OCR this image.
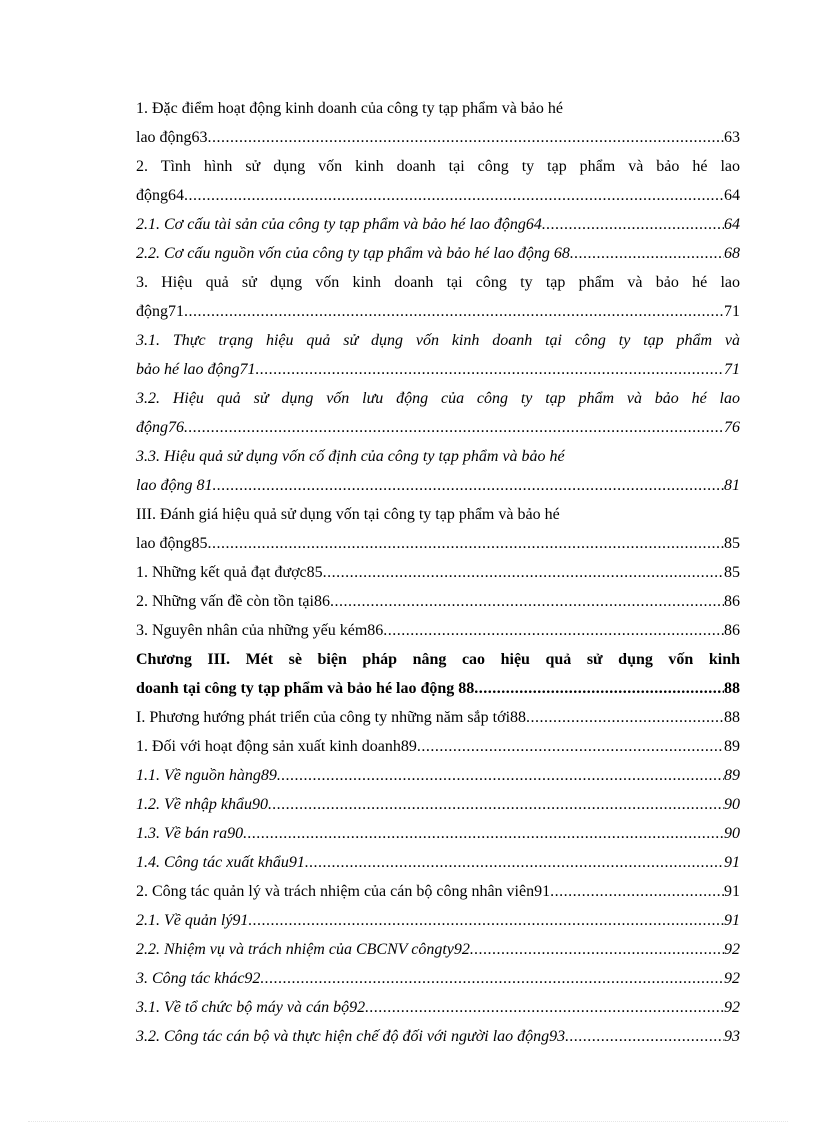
1. Đặc điểm hoạt động kinh doanh của công ty tạp phẩm và bảo hé
lao động63 .....	63
2. Tình hình sử dụng vốn kinh doanh tại công ty tạp phẩm và bảo hé lao
động64 .....	64
2.1. Cơ cấu tài sản của công ty tạp phẩm và bảo hé lao động64 .....	64
2.2. Cơ cấu nguồn vốn của công ty tạp phẩm và bảo hé lao động 68 .....	68
3. Hiệu quả sử dụng vốn kinh doanh tại công ty tạp phẩm và bảo hé lao
động71 .....	71
3.1. Thực trạng hiệu quả sử dụng vốn kinh doanh tại công ty tạp phẩm và
bảo hé lao động71 .....	71
3.2. Hiệu quả sử dụng vốn lưu động của công ty tạp phẩm và bảo hé lao
động76 .....	76
3.3. Hiệu quả sử dụng vốn cố định của công ty tạp phẩm và bảo hé
lao động 81 .....	81
III. Đánh giá hiệu quả sử dụng vốn tại công ty tạp phẩm và bảo hé
lao động85 .....	85
1. Những kết quả đạt được85 .....	85
2. Những vấn đề còn tồn tại86 .....	86
3. Nguyên nhân của những yếu kém86 .....	86
Chương III. Mét sè biện pháp nâng cao hiệu quả sử dụng vốn kinh
doanh tại công ty tạp phẩm và bảo hé lao động 88 .....	88
I. Phương hướng phát triển của công ty những năm sắp tới88 .....	88
1. Đối với hoạt động sản xuất kinh doanh89 .....	89
1.1. Về nguồn hàng89 .....	89
1.2. Về nhập khẩu90 .....	90
1.3. Về bán ra90 .....	90
1.4. Công tác xuất khẩu91 .....	91
2. Công tác quản lý và trách nhiệm của cán bộ công nhân viên91 .....	91
2.1. Về quản lý91 .....	91
2.2. Nhiệm vụ và trách nhiệm của CBCNV côngty92 .....	92
3. Công tác khác92 .....	92
3.1. Về tổ chức bộ máy và cán bộ92 .....	92
3.2. Công tác cán bộ và thực hiện chế độ đối với người lao động93 .....	93
